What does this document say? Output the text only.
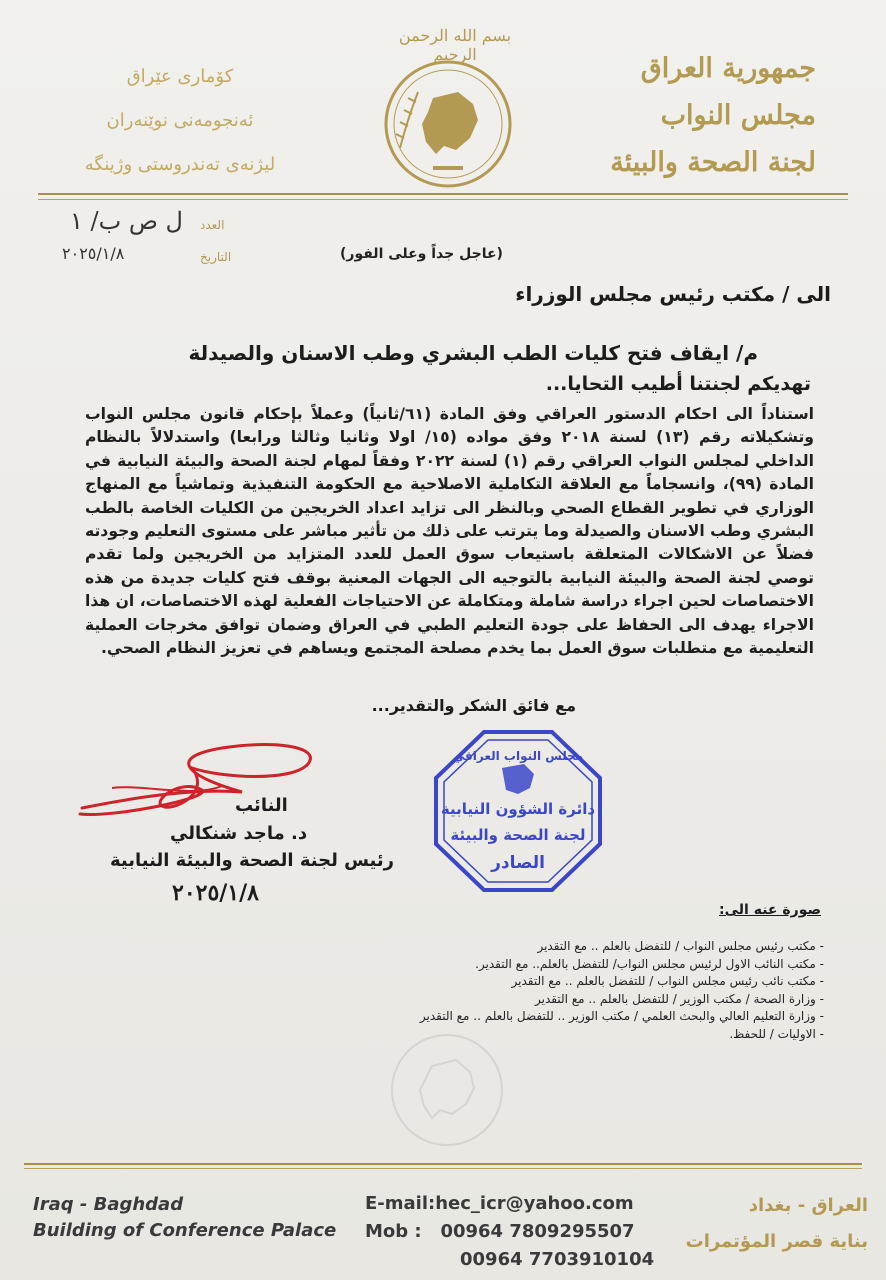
جمهورية العراق
مجلس النواب
لجنة الصحة والبيئة
كۆماری عێراق
ئەنجومەنی نوێنەران
لیژنەی تەندروستی وژینگە
بسم الله الرحمن الرحيم
العدد
ل ص ب/ ١
التاريخ
٢٠٢٥/١/٨	(عاجل جداً وعلى الفور)
الى / مكتب رئيس مجلس الوزراء
م/ ايقاف فتح كليات الطب البشري وطب الاسنان والصيدلة
تهديكم لجنتنا أطيب التحايا...
استناداً الى احكام الدستور العراقي وفق المادة (٦١/ثانياً) وعملاً بإحكام قانون مجلس النواب وتشكيلاته رقم (١٣) لسنة ٢٠١٨ وفق مواده (١٥/ اولا وثانيا وثالثا ورابعا) واستدلالاً بالنظام الداخلي لمجلس النواب العراقي رقم (١) لسنة ٢٠٢٢ وفقاً لمهام لجنة الصحة والبيئة النيابية في المادة (٩٩)، وانسجاماً مع العلاقة التكاملية الاصلاحية مع الحكومة التنفيذية وتماشياً مع المنهاج الوزاري في تطوير القطاع الصحي وبالنظر الى تزايد اعداد الخريجين من الكليات الخاصة بالطب البشري وطب الاسنان والصيدلة وما يترتب على ذلك من تأثير مباشر على مستوى التعليم وجودته فضلاً عن الاشكالات المتعلقة باستيعاب سوق العمل للعدد المتزايد من الخريجين ولما تقدم توصي لجنة الصحة والبيئة النيابية بالتوجيه الى الجهات المعنية بوقف فتح كليات جديدة من هذه الاختصاصات لحين اجراء دراسة شاملة ومتكاملة عن الاحتياجات الفعلية لهذه الاختصاصات، ان هذا الاجراء يهدف الى الحفاظ على جودة التعليم الطبي في العراق وضمان توافق مخرجات العملية التعليمية مع متطلبات سوق العمل بما يخدم مصلحة المجتمع ويساهم في تعزيز النظام الصحي.
مع فائق الشكر والتقدير...
النائب
د. ماجد شنكالي
رئيس لجنة الصحة والبيئة النيابية
٢٠٢٥/١/٨
مجلس النواب العراقي
دائرة الشؤون النيابية
لجنة الصحة والبيئة
الصادر
صورة عنه الى:
- مكتب رئيس مجلس النواب / للتفضل بالعلم .. مع التقدير
- مكتب النائب الاول لرئيس مجلس النواب/ للتفضل بالعلم.. مع التقدير.
- مكتب نائب رئيس مجلس النواب / للتفضل بالعلم .. مع التقدير
- وزارة الصحة / مكتب الوزير / للتفضل بالعلم .. مع التقدير
- وزارة التعليم العالي والبحث العلمي / مكتب الوزير .. للتفضل بالعلم .. مع التقدير
- الاوليات / للحفظ.
Iraq - Baghdad
Building of Conference Palace
E-mail:hec_icr@yahoo.com
Mob : 00964 7809295507
00964 7703910104
العراق - بغداد
بناية قصر المؤتمرات
